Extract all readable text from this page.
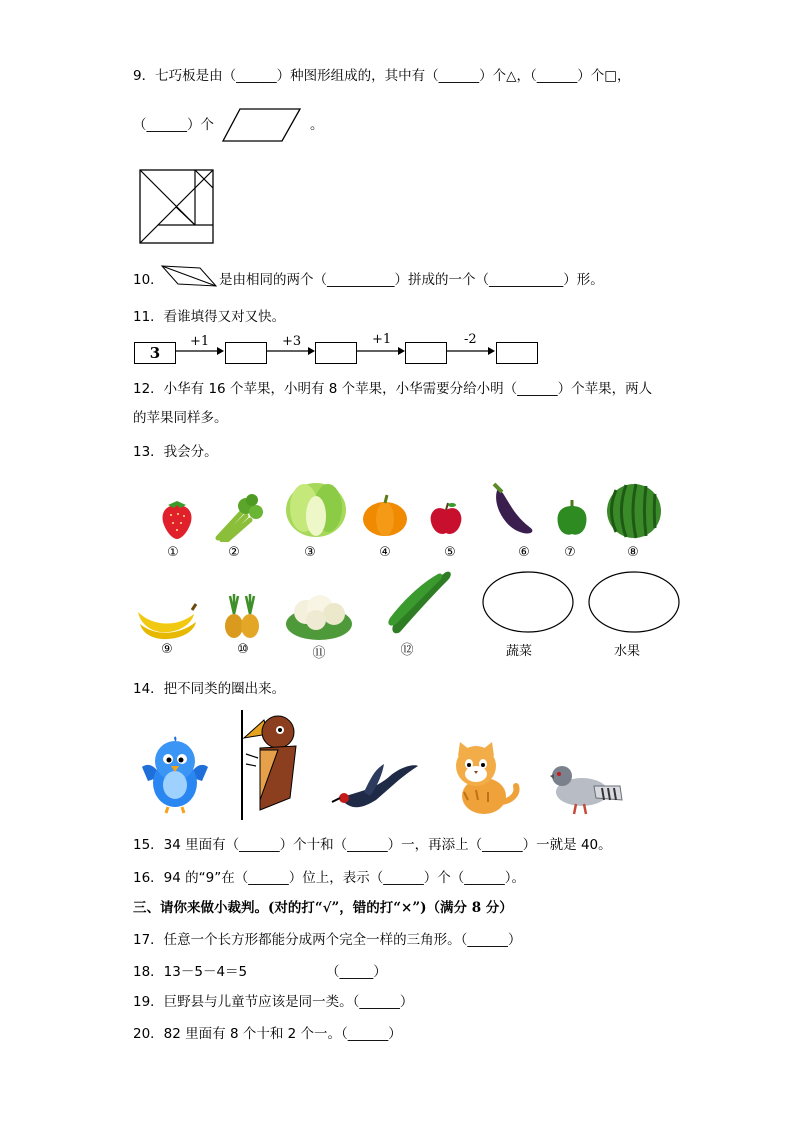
9．七巧板是由（______）种图形组成的，其中有（______）个△，（______）个□，
（______）个	。
10．	是由相同的两个（__________）拼成的一个（___________）形。
11．看谁填得又对又快。
3
+1	+3	+1	-2
12．小华有 16 个苹果，小明有 8 个苹果，小华需要分给小明（______）个苹果，两人
的苹果同样多。
13．我会分。
①	②	③	④	⑤	⑥	⑦	⑧
⑨	⑩	⑪	⑫	蔬菜	水果
14．把不同类的圈出来。
15．34 里面有（______）个十和（______）一，再添上（______）一就是 40。
16．94 的“9”在（______）位上，表示（______）个（______）。
三、请你来做小裁判。(对的打“√”，错的打“×”)（满分 8 分）
17．任意一个长方形都能分成两个完全一样的三角形。（______）
18．13－5－4＝5	（_____）
19．巨野县与儿童节应该是同一类。（______）
20．82 里面有 8 个十和 2 个一。（______）
